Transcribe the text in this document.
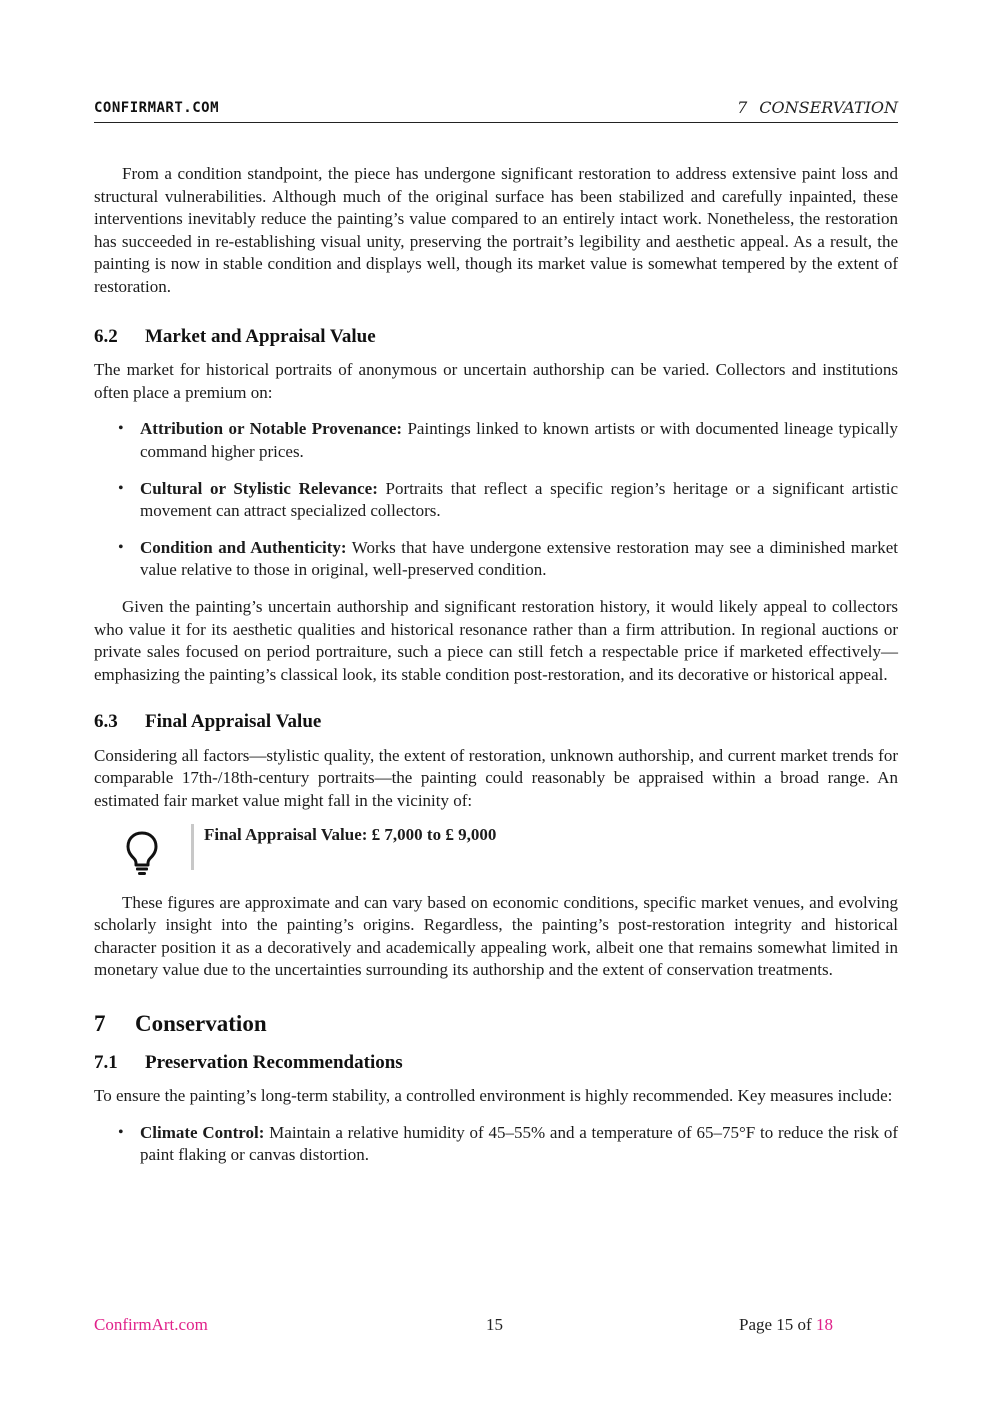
CONFIRMART.COM	7 CONSERVATION

From a condition standpoint, the piece has undergone significant restoration to address extensive paint loss and structural vulnerabilities. Although much of the original surface has been stabilized and carefully inpainted, these interventions inevitably reduce the painting’s value compared to an entirely intact work. Nonetheless, the restoration has succeeded in re-establishing visual unity, preserving the portrait’s legibility and aesthetic appeal. As a result, the painting is now in stable condition and displays well, though its market value is somewhat tempered by the extent of restoration.

6.2 Market and Appraisal Value

The market for historical portraits of anonymous or uncertain authorship can be varied. Collectors and institutions often place a premium on:

• Attribution or Notable Provenance: Paintings linked to known artists or with documented lineage typically command higher prices.
• Cultural or Stylistic Relevance: Portraits that reflect a specific region’s heritage or a significant artistic movement can attract specialized collectors.
• Condition and Authenticity: Works that have undergone extensive restoration may see a diminished market value relative to those in original, well-preserved condition.

Given the painting’s uncertain authorship and significant restoration history, it would likely appeal to collectors who value it for its aesthetic qualities and historical resonance rather than a firm attribution. In regional auctions or private sales focused on period portraiture, such a piece can still fetch a respectable price if marketed effectively—emphasizing the painting’s classical look, its stable condition post-restoration, and its decorative or historical appeal.

6.3 Final Appraisal Value

Considering all factors—stylistic quality, the extent of restoration, unknown authorship, and current market trends for comparable 17th-/18th-century portraits—the painting could reasonably be appraised within a broad range. An estimated fair market value might fall in the vicinity of:

Final Appraisal Value: £ 7,000 to £ 9,000

These figures are approximate and can vary based on economic conditions, specific market venues, and evolving scholarly insight into the painting’s origins. Regardless, the painting’s post-restoration integrity and historical character position it as a decoratively and academically appealing work, albeit one that remains somewhat limited in monetary value due to the uncertainties surrounding its authorship and the extent of conservation treatments.

7 Conservation
7.1 Preservation Recommendations

To ensure the painting’s long-term stability, a controlled environment is highly recommended. Key measures include:

• Climate Control: Maintain a relative humidity of 45–55% and a temperature of 65–75°F to reduce the risk of paint flaking or canvas distortion.
ConfirmArt.com	15	Page 15 of 18
